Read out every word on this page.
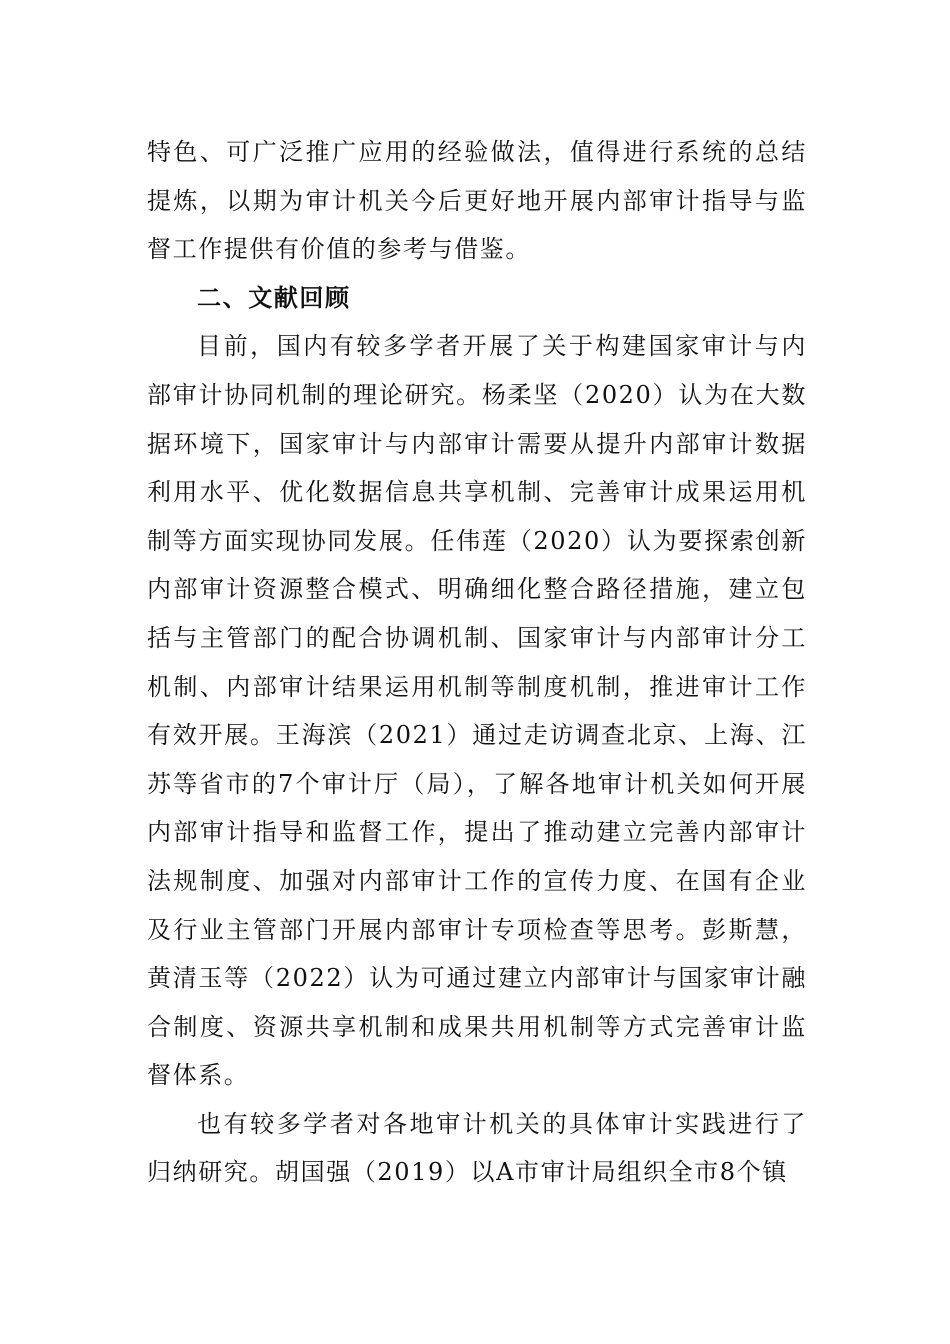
特色、可广泛推广应用的经验做法，值得进行系统的总结提炼，以期为审计机关今后更好地开展内部审计指导与监督工作提供有价值的参考与借鉴。

二、文献回顾

目前，国内有较多学者开展了关于构建国家审计与内部审计协同机制的理论研究。杨柔坚（2020）认为在大数据环境下，国家审计与内部审计需要从提升内部审计数据利用水平、优化数据信息共享机制、完善审计成果运用机制等方面实现协同发展。任伟莲（2020）认为要探索创新内部审计资源整合模式、明确细化整合路径措施，建立包括与主管部门的配合协调机制、国家审计与内部审计分工机制、内部审计结果运用机制等制度机制，推进审计工作有效开展。王海滨（2021）通过走访调查北京、上海、江苏等省市的7个审计厅（局），了解各地审计机关如何开展内部审计指导和监督工作，提出了推动建立完善内部审计法规制度、加强对内部审计工作的宣传力度、在国有企业及行业主管部门开展内部审计专项检查等思考。彭斯慧，黄清玉等（2022）认为可通过建立内部审计与国家审计融合制度、资源共享机制和成果共用机制等方式完善审计监督体系。

也有较多学者对各地审计机关的具体审计实践进行了归纳研究。胡国强（2019）以A市审计局组织全市8个镇
